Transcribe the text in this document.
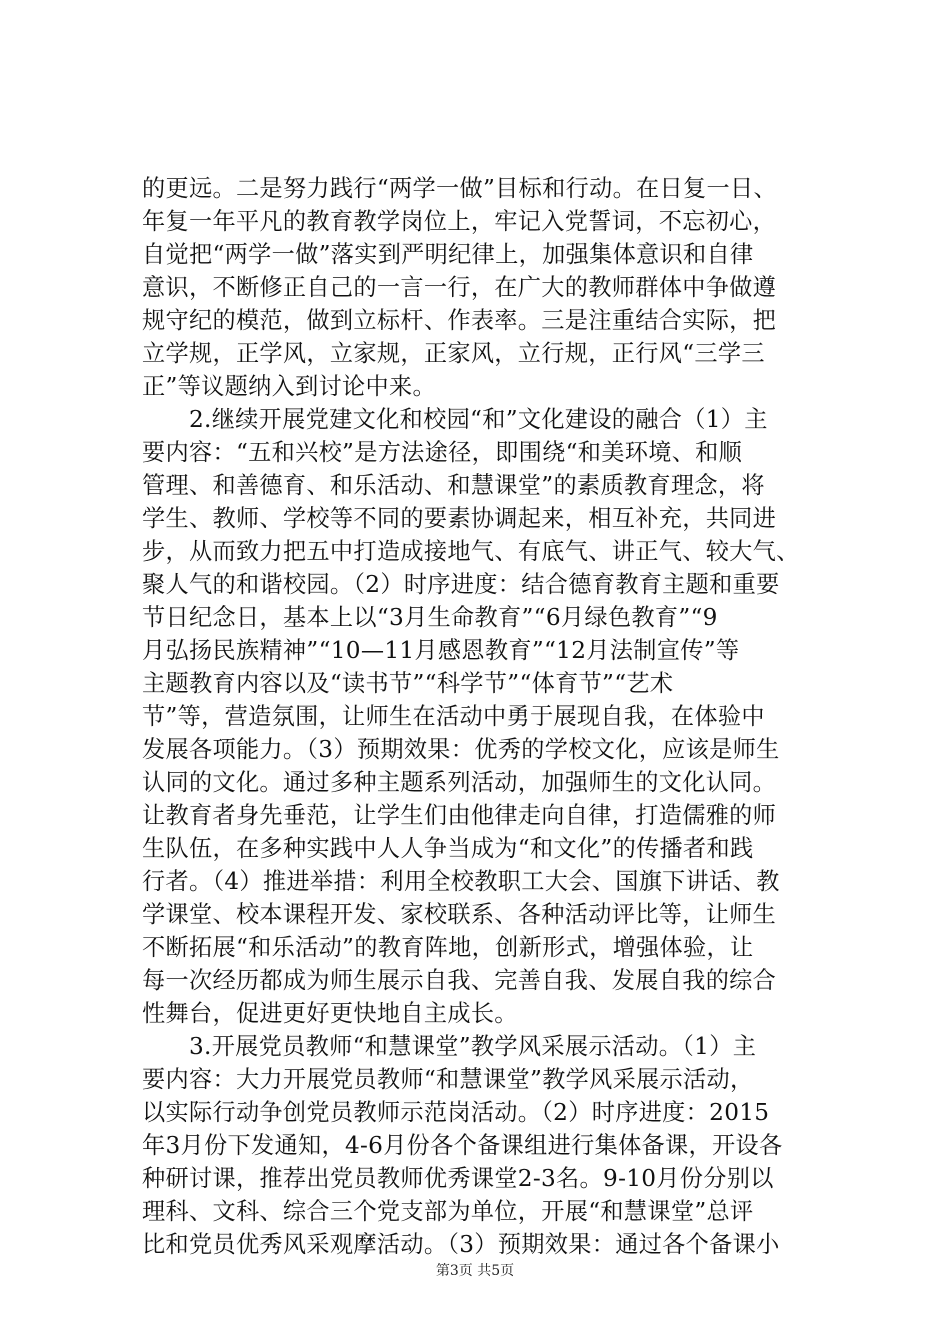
的更远。二是努力践行“两学一做”目标和行动。在日复一日、
年复一年平凡的教育教学岗位上，牢记入党誓词，不忘初心，
自觉把“两学一做”落实到严明纪律上，加强集体意识和自律
意识，不断修正自己的一言一行，在广大的教师群体中争做遵
规守纪的模范，做到立标杆、作表率。三是注重结合实际，把
立学规，正学风，立家规，正家风，立行规，正行风“三学三
正”等议题纳入到讨论中来。
　　2.继续开展党建文化和校园“和”文化建设的融合（1）主
要内容：“五和兴校”是方法途径，即围绕“和美环境、和顺
管理、和善德育、和乐活动、和慧课堂”的素质教育理念，将
学生、教师、学校等不同的要素协调起来，相互补充，共同进
步，从而致力把五中打造成接地气、有底气、讲正气、较大气、
聚人气的和谐校园。（2）时序进度：结合德育教育主题和重要
节日纪念日，基本上以“3月生命教育”“6月绿色教育”“9
月弘扬民族精神”“10—11月感恩教育”“12月法制宣传”等
主题教育内容以及“读书节”“科学节”“体育节”“艺术
节”等，营造氛围，让师生在活动中勇于展现自我，在体验中
发展各项能力。（3）预期效果：优秀的学校文化，应该是师生
认同的文化。通过多种主题系列活动，加强师生的文化认同。
让教育者身先垂范，让学生们由他律走向自律，打造儒雅的师
生队伍，在多种实践中人人争当成为“和文化”的传播者和践
行者。（4）推进举措：利用全校教职工大会、国旗下讲话、教
学课堂、校本课程开发、家校联系、各种活动评比等，让师生
不断拓展“和乐活动”的教育阵地，创新形式，增强体验，让
每一次经历都成为师生展示自我、完善自我、发展自我的综合
性舞台，促进更好更快地自主成长。
　　3.开展党员教师“和慧课堂”教学风采展示活动。（1）主
要内容：大力开展党员教师“和慧课堂”教学风采展示活动，
以实际行动争创党员教师示范岗活动。（2）时序进度：2015
年3月份下发通知，4-6月份各个备课组进行集体备课，开设各
种研讨课，推荐出党员教师优秀课堂2-3名。9-10月份分别以
理科、文科、综合三个党支部为单位，开展“和慧课堂”总评
比和党员优秀风采观摩活动。（3）预期效果：通过各个备课小
第3页 共5页
